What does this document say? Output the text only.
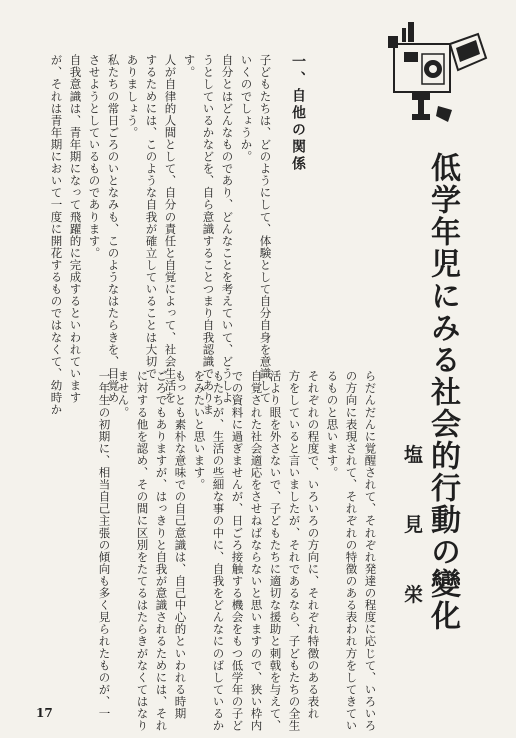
低学年児にみる社会的行動の變化
塩
見
栄
一、自他の関係
子どもたちは、どのようにして、体験として自分自身を意識して
いくのでしょうか。
自分とはどんなものであり、どんなことを考えていて、どうしよ
うとしているかなどを、自ら意識することつまり自我認識でありま
す。
人が自律的人間として、自分の責任と自覚によって、社会生活を
するためには、このような自我が確立していることは大切で
ありましょう。
私たちの常日ごろのいとなみも、このようなはたらきを、目覚め
させようとしているものであります。
自我意識は、青年期になって飛躍的に完成するといわれています
が、それは青年期において一度に開花するものではなくて、幼時か
らだんだんに覚醒されて、それぞれ発達の程度に応じて、いろいろ
の方向に表現されて、それぞれの特徴のある表われ方をしてきてい
るものと思います。
それぞれの程度で、いろいろの方向に、それぞれ特徴のある表れ
方をしていると言いましたが、それであるなら、子どもたちの全生
活より眼を外さないで、子どもたちに適切な援助と刺戟を与えて、
自覚された社会適応をさせねばならないと思いますので、狭い枠内
での資料に過ぎませんが、日ごろ接触する機会をもつ低学年の子ど
もたちが、生活の些細な事の中に、自我をどんなにのばしているか
をみたいと思います。
もっとも素朴な意味での自己意識は、自己中心的といわれる時期
ごろでもありますが、はっきりと自我が意識されるためには、それ
に対する他を認め、その間に区別をたてるはたらきがなくてはなり
ません。
一年生の初期に、相当自己主張の傾向も多く見られたものが、一
17
